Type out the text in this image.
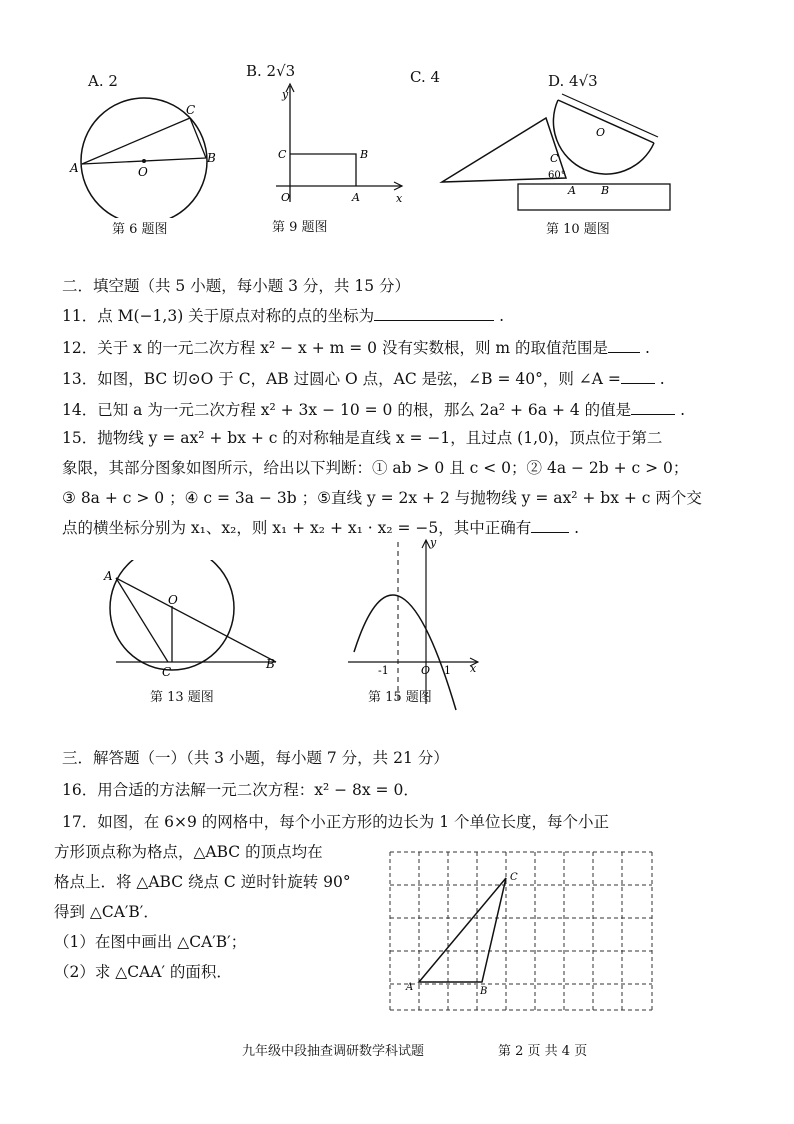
A. 2
B. 2√3	C. 4	D. 4√3
A
B
C
O
第 6 题图
y
x
C	B
O	A
第 9 题图
O
C
60°
A B
第 10 题图
二．填空题（共 5 小题，每小题 3 分，共 15 分）
11．点 M(−1,3) 关于原点对称的点的坐标为	.
12．关于 x 的一元二次方程 x² − x + m = 0 没有实数根，则 m 的取值范围是 .
13．如图，BC 切⊙O 于 C，AB 过圆心 O 点，AC 是弦，∠B = 40°，则 ∠A = .
14．已知 a 为一元二次方程 x² + 3x − 10 = 0 的根，那么 2a² + 6a + 4 的值是	.
15．抛物线 y = ax² + bx + c 的对称轴是直线 x = −1，且过点 (1,0)，顶点位于第二
象限，其部分图象如图所示，给出以下判断：① ab > 0 且 c < 0；② 4a − 2b + c > 0；
③ 8a + c > 0 ；④ c = 3a − 3b ；⑤直线 y = 2x + 2 与抛物线 y = ax² + bx + c 两个交
点的横坐标分别为 x₁、x₂，则 x₁ + x₂ + x₁ · x₂ = −5，其中正确有 .
A
O
C
B
第 13 题图
y
x
-1	O 1
第 15 题图
三．解答题（一）（共 3 小题，每小题 7 分，共 21 分）
16．用合适的方法解一元二次方程：x² − 8x = 0．
17．如图，在 6×9 的网格中，每个小正方形的边长为 1 个单位长度，每个小正
方形顶点称为格点，△ABC 的顶点均在
格点上．将 △ABC 绕点 C 逆时针旋转 90°
得到 △CA′B′．
（1）在图中画出 △CA′B′；
（2）求 △CAA′ 的面积．
C
A	B
九年级中段抽查调研数学科试题	第 2 页 共 4 页
